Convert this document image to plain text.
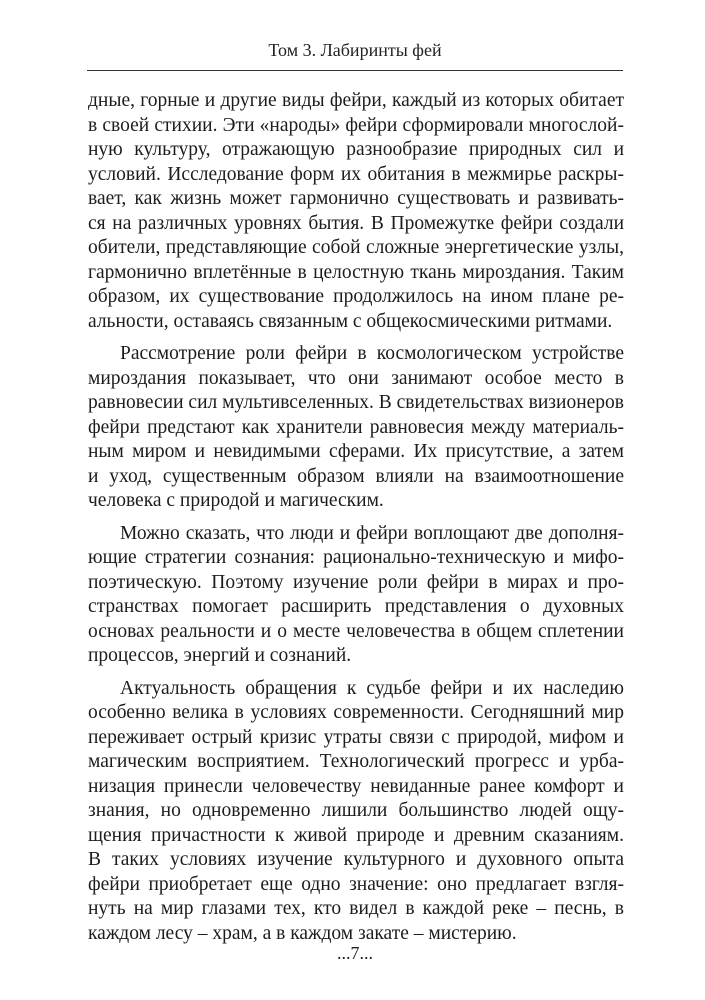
Том 3. Лабиринты фей

дные, горные и другие виды фейри, каждый из которых обитает
в своей стихии. Эти «народы» фейри сформировали многослой-
ную культуру, отражающую разнообразие природных сил и
условий. Исследование форм их обитания в межмирье раскры-
вает, как жизнь может гармонично существовать и развивать-
ся на различных уровнях бытия. В Промежутке фейри создали
обители, представляющие собой сложные энергетические узлы,
гармонично вплетённые в целостную ткань мироздания. Таким
образом, их существование продолжилось на ином плане ре-
альности, оставаясь связанным с общекосмическими ритмами.

Рассмотрение роли фейри в космологическом устройстве
мироздания показывает, что они занимают особое место в
равновесии сил мультивселенных. В свидетельствах визионеров
фейри предстают как хранители равновесия между материаль-
ным миром и невидимыми сферами. Их присутствие, а затем
и уход, существенным образом влияли на взаимоотношение
человека с природой и магическим.

Можно сказать, что люди и фейри воплощают две дополня-
ющие стратегии сознания: рационально-техническую и мифо-
поэтическую. Поэтому изучение роли фейри в мирах и про-
странствах помогает расширить представления о духовных
основах реальности и о месте человечества в общем сплетении
процессов, энергий и сознаний.

Актуальность обращения к судьбе фейри и их наследию
особенно велика в условиях современности. Сегодняшний мир
переживает острый кризис утраты связи с природой, мифом и
магическим восприятием. Технологический прогресс и урба-
низация принесли человечеству невиданные ранее комфорт и
знания, но одновременно лишили большинство людей ощу-
щения причастности к живой природе и древним сказаниям.
В таких условиях изучение культурного и духовного опыта
фейри приобретает еще одно значение: оно предлагает взгля-
нуть на мир глазами тех, кто видел в каждой реке – песнь, в
каждом лесу – храм, а в каждом закате – мистерию.

...7...
